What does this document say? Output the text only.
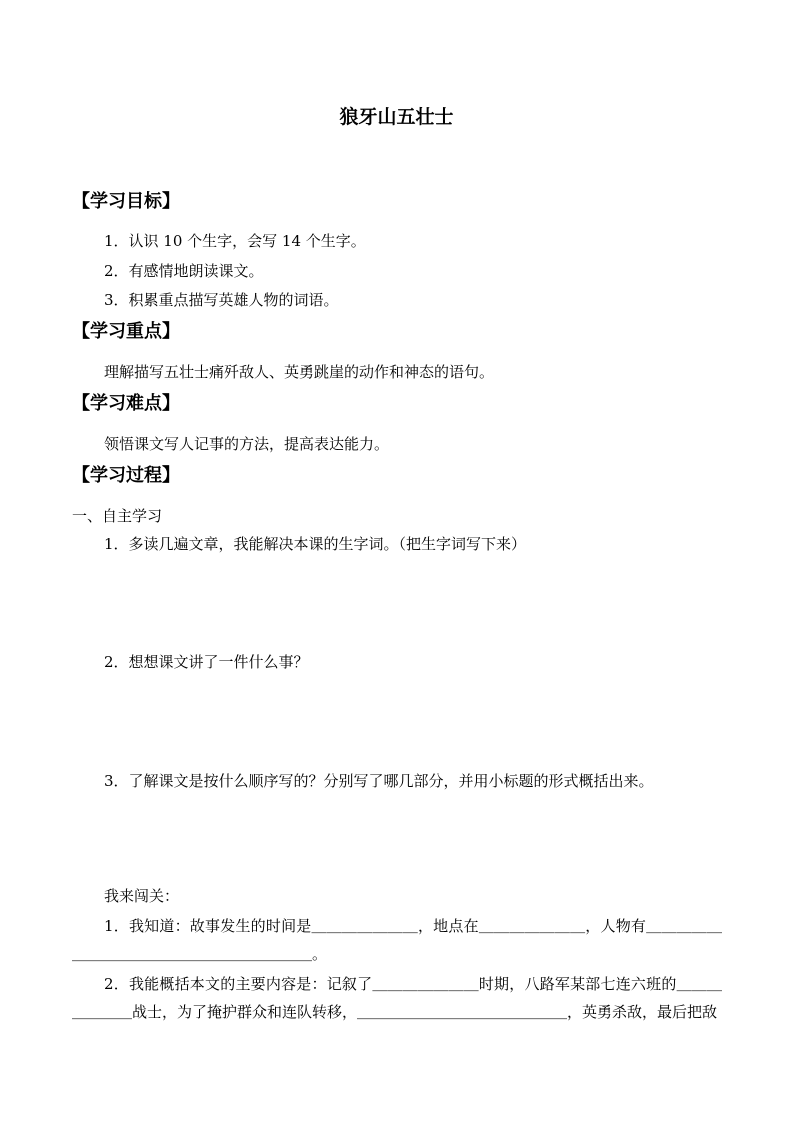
狼牙山五壮士
【学习目标】
1．认识 10 个生字，会写 14 个生字。
2．有感情地朗读课文。
3．积累重点描写英雄人物的词语。
【学习重点】
理解描写五壮士痛歼敌人、英勇跳崖的动作和神态的语句。
【学习难点】
领悟课文写人记事的方法，提高表达能力。
【学习过程】
一、自主学习
1．多读几遍文章，我能解决本课的生字词。（把生字词写下来）
2．想想课文讲了一件什么事？
3．了解课文是按什么顺序写的？分别写了哪几部分，并用小标题的形式概括出来。
我来闯关：
1．我知道：故事发生的时间是＿＿＿＿＿＿＿，地点在＿＿＿＿＿＿＿，人物有＿＿＿＿＿＿＿＿＿＿＿＿＿＿＿＿＿＿＿＿＿。
2．我能概括本文的主要内容是：记叙了＿＿＿＿＿＿＿时期，八路军某部七连六班的＿＿＿＿＿＿＿战士，为了掩护群众和连队转移，＿＿＿＿＿＿＿＿＿＿＿＿＿＿，英勇杀敌，最后把敌
